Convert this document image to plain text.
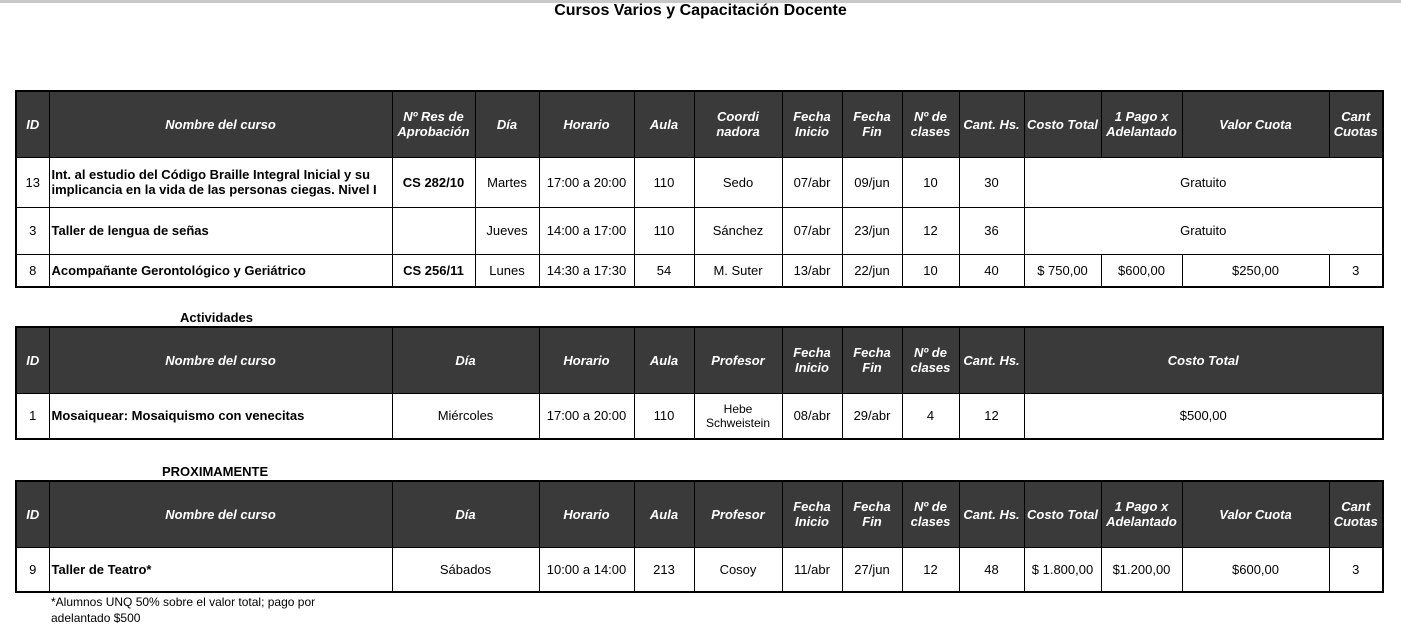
Cursos Varios y Capacitación Docente
ID	Nombre del curso	Nº Res de Aprobación	Día	Horario	Aula	Coordi nadora	Fecha Inicio	Fecha Fin	Nº de clases	Cant. Hs.	Costo Total	1 Pago x Adelantado	Valor Cuota	Cant Cuotas
13	Int. al estudio del Código Braille Integral Inicial y su implicancia en la vida de las personas ciegas. Nivel I	CS 282/10	Martes	17:00 a 20:00	110	Sedo	07/abr	09/jun	10	30	Gratuito			
3	Taller de lengua de señas		Jueves	14:00 a 17:00	110	Sánchez	07/abr	23/jun	12	36	Gratuito			
8	Acompañante Gerontológico y Geriátrico	CS 256/11	Lunes	14:30 a 17:30	54	M. Suter	13/abr	22/jun	10	40	$ 750,00	$600,00	$250,00	3
Actividades
ID	Nombre del curso	Día	Horario	Aula	Profesor	Fecha Inicio	Fecha Fin	Nº de clases	Cant. Hs.	Costo Total
1	Mosaiquear: Mosaiquismo con venecitas	Miércoles	17:00 a 20:00	110	Hebe Schweistein	08/abr	29/abr	4	12	$500,00
PROXIMAMENTE
ID	Nombre del curso	Día	Horario	Aula	Profesor	Fecha Inicio	Fecha Fin	Nº de clases	Cant. Hs.	Costo Total	1 Pago x Adelantado	Valor Cuota	Cant Cuotas
9	Taller de Teatro*	Sábados	10:00 a 14:00	213	Cosoy	11/abr	27/jun	12	48	$ 1.800,00	$1.200,00	$600,00	3
*Alumnos UNQ 50% sobre el valor total; pago por adelantado $500
